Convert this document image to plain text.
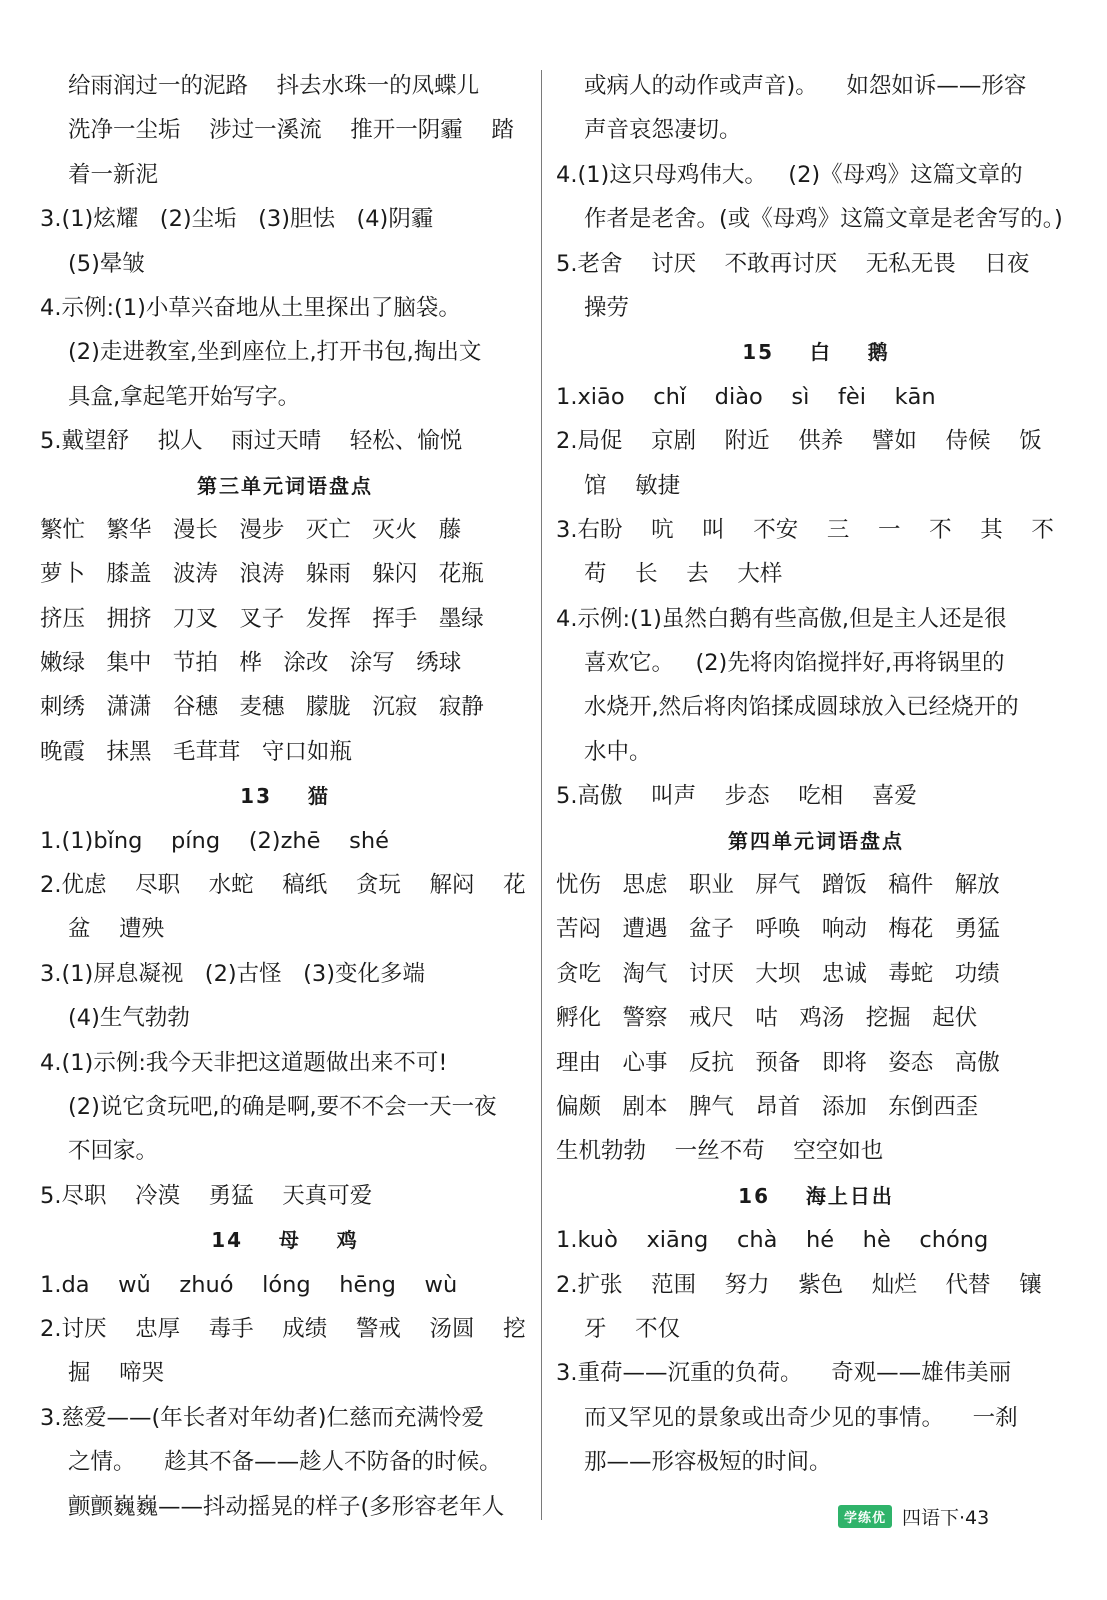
给雨润过一的泥路    抖去水珠一的凤蝶儿
洗净一尘垢    涉过一溪流    推开一阴霾    踏
着一新泥
3.(1)炫耀   (2)尘垢   (3)胆怯   (4)阴霾
(5)晕皱
4.示例:(1)小草兴奋地从土里探出了脑袋。
(2)走进教室,坐到座位上,打开书包,掏出文
具盒,拿起笔开始写字。
5.戴望舒    拟人    雨过天晴    轻松、愉悦
第三单元词语盘点
繁忙   繁华   漫长   漫步   灭亡   灭火   藤
萝卜   膝盖   波涛   浪涛   躲雨   躲闪   花瓶
挤压   拥挤   刀叉   叉子   发挥   挥手   墨绿
嫩绿   集中   节拍   桦   涂改   涂写   绣球
刺绣   潇潇   谷穗   麦穗   朦胧   沉寂   寂静
晚霞   抹黑   毛茸茸   守口如瓶
13    猫
1.(1)bǐng    píng    (2)zhē    shé
2.优虑    尽职    水蛇    稿纸    贪玩    解闷    花
盆    遭殃
3.(1)屏息凝视   (2)古怪   (3)变化多端
(4)生气勃勃
4.(1)示例:我今天非把这道题做出来不可!
(2)说它贪玩吧,的确是啊,要不不会一天一夜
不回家。
5.尽职    冷漠    勇猛    天真可爱
14    母    鸡
1.da    wǔ    zhuó    lóng    hēng    wù
2.讨厌    忠厚    毒手    成绩    警戒    汤圆    挖
掘    啼哭
3.慈爱——(年长者对年幼者)仁慈而充满怜爱
之情。    趁其不备——趁人不防备的时候。
颤颤巍巍——抖动摇晃的样子(多形容老年人
或病人的动作或声音)。    如怨如诉——形容
声音哀怨凄切。
4.(1)这只母鸡伟大。   (2)《母鸡》这篇文章的
作者是老舍。(或《母鸡》这篇文章是老舍写的。)
5.老舍    讨厌    不敢再讨厌    无私无畏    日夜
操劳
15    白    鹅
1.xiāo    chǐ    diào    sì    fèi    kān
2.局促    京剧    附近    供养    譬如    侍候    饭
馆    敏捷
3.右盼    吭    叫    不安    三    一    不    其    不
苟    长    去    大样
4.示例:(1)虽然白鹅有些高傲,但是主人还是很
喜欢它。   (2)先将肉馅搅拌好,再将锅里的
水烧开,然后将肉馅揉成圆球放入已经烧开的
水中。
5.高傲    叫声    步态    吃相    喜爱
第四单元词语盘点
忧伤   思虑   职业   屏气   蹭饭   稿件   解放
苦闷   遭遇   盆子   呼唤   响动   梅花   勇猛
贪吃   淘气   讨厌   大坝   忠诚   毒蛇   功绩
孵化   警察   戒尺   咕   鸡汤   挖掘   起伏
理由   心事   反抗   预备   即将   姿态   高傲
偏颇   剧本   脾气   昂首   添加   东倒西歪
生机勃勃    一丝不苟    空空如也
16    海上日出
1.kuò    xiāng    chà    hé    hè    chóng
2.扩张    范围    努力    紫色    灿烂    代替    镶
牙    不仅
3.重荷——沉重的负荷。    奇观——雄伟美丽
而又罕见的景象或出奇少见的事情。    一刹
那——形容极短的时间。
学练优 四语下·43
